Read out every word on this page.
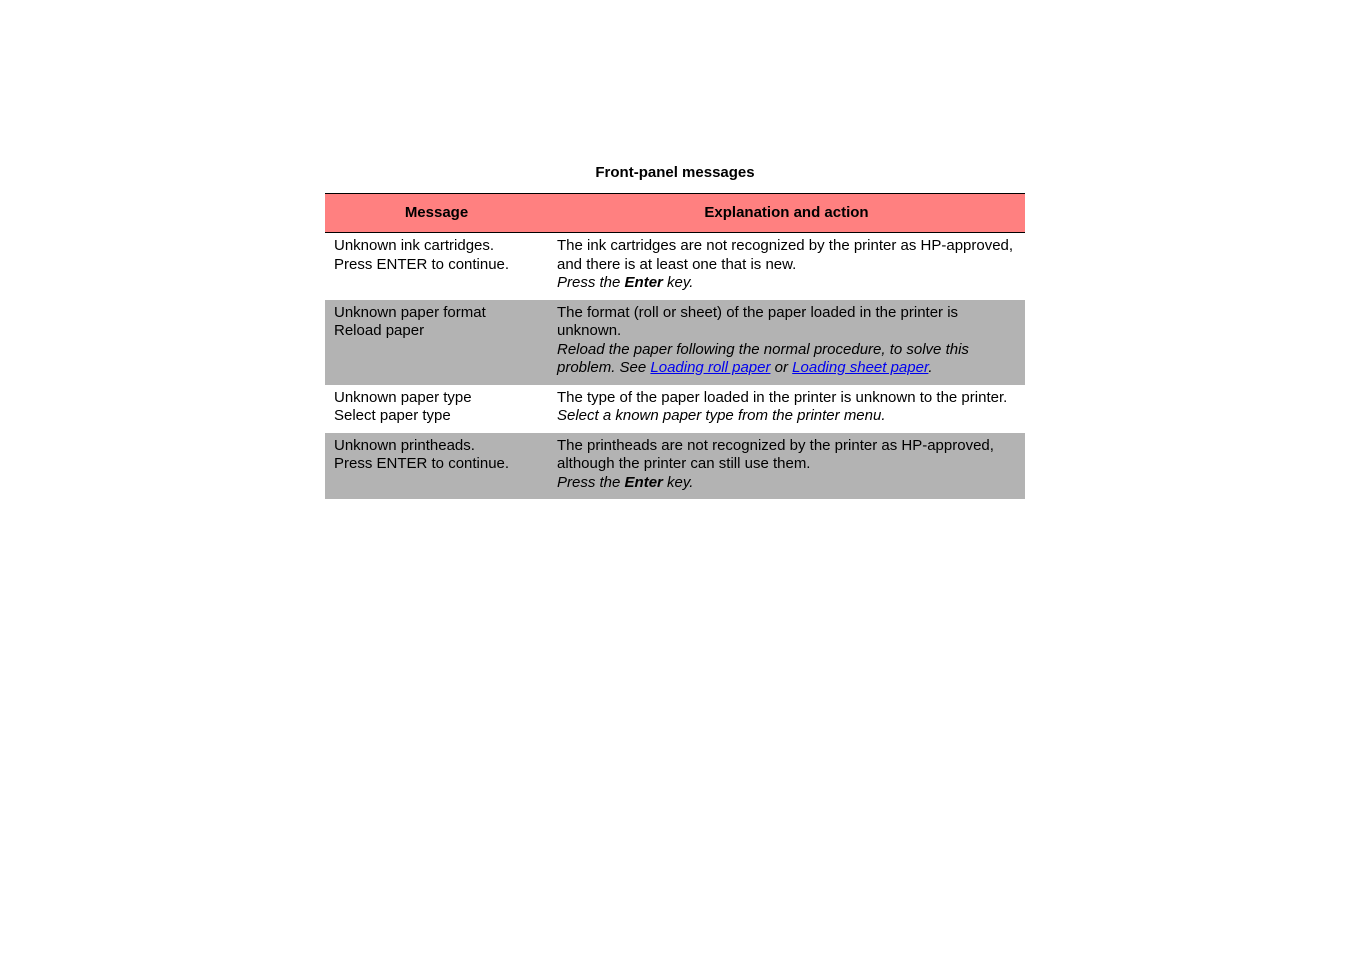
Front-panel messages
Message	Explanation and action

Unknown ink cartridges.
Press ENTER to continue.	The ink cartridges are not recognized by the printer as HP-approved, and there is at least one that is new.
Press the Enter key.

Unknown paper format
Reload paper	The format (roll or sheet) of the paper loaded in the printer is unknown.
Reload the paper following the normal procedure, to solve this problem. See Loading roll paper or Loading sheet paper.

Unknown paper type
Select paper type	The type of the paper loaded in the printer is unknown to the printer.
Select a known paper type from the printer menu.

Unknown printheads.
Press ENTER to continue.	The printheads are not recognized by the printer as HP-approved, although the printer can still use them.
Press the Enter key.
